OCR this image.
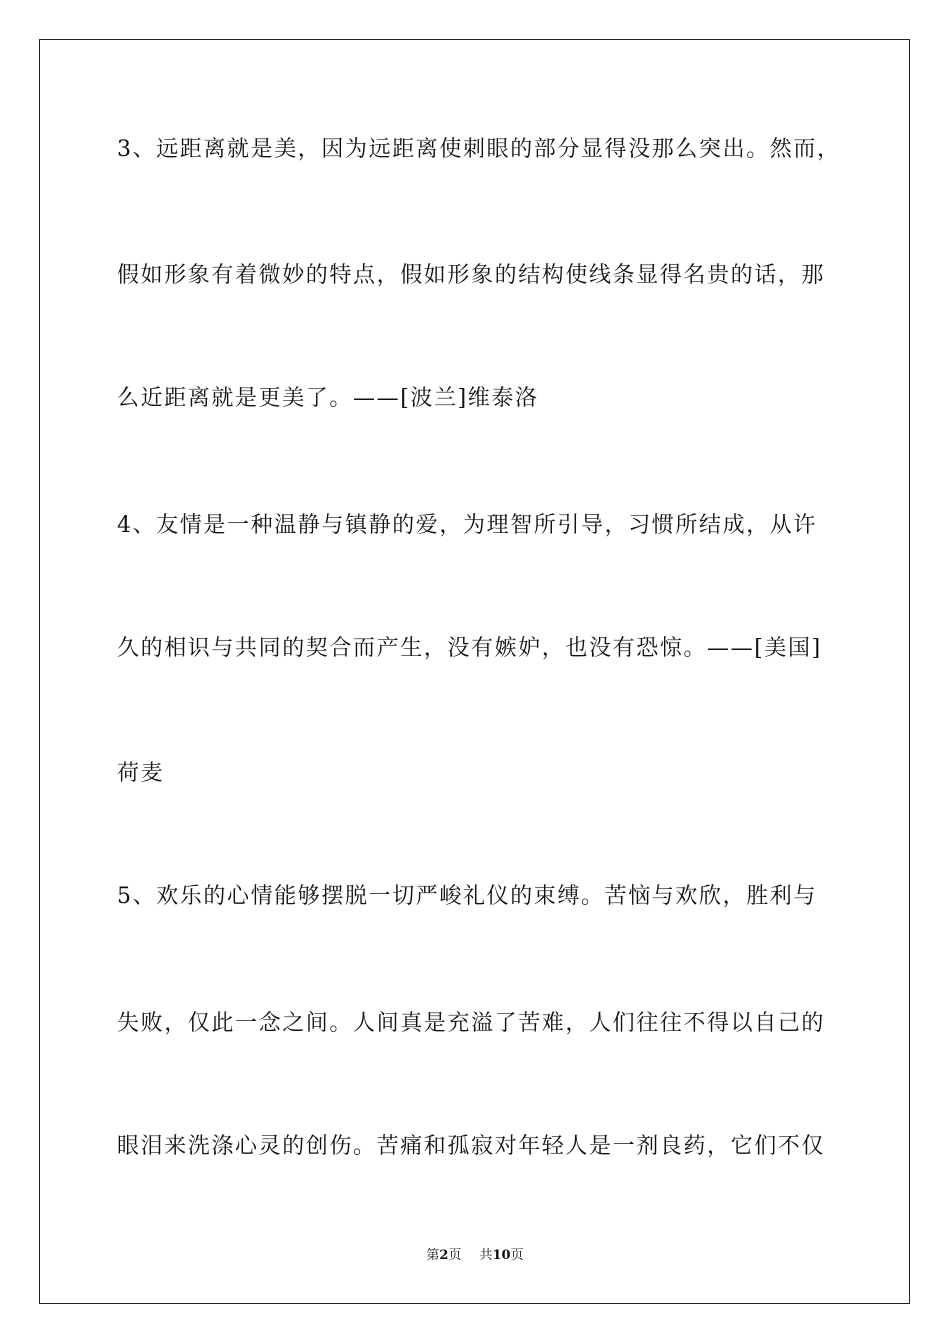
3、远距离就是美，因为远距离使刺眼的部分显得没那么突出。然而，
假如形象有着微妙的特点，假如形象的结构使线条显得名贵的话，那
么近距离就是更美了。——[波兰]维泰洛
4、友情是一种温静与镇静的爱，为理智所引导，习惯所结成，从许
久的相识与共同的契合而产生，没有嫉妒，也没有恐惊。——[美国]
荷麦
5、欢乐的心情能够摆脱一切严峻礼仪的束缚。苦恼与欢欣，胜利与
失败，仅此一念之间。人间真是充溢了苦难，人们往往不得以自己的
眼泪来洗涤心灵的创伤。苦痛和孤寂对年轻人是一剂良药，它们不仅
第2页 共10页
